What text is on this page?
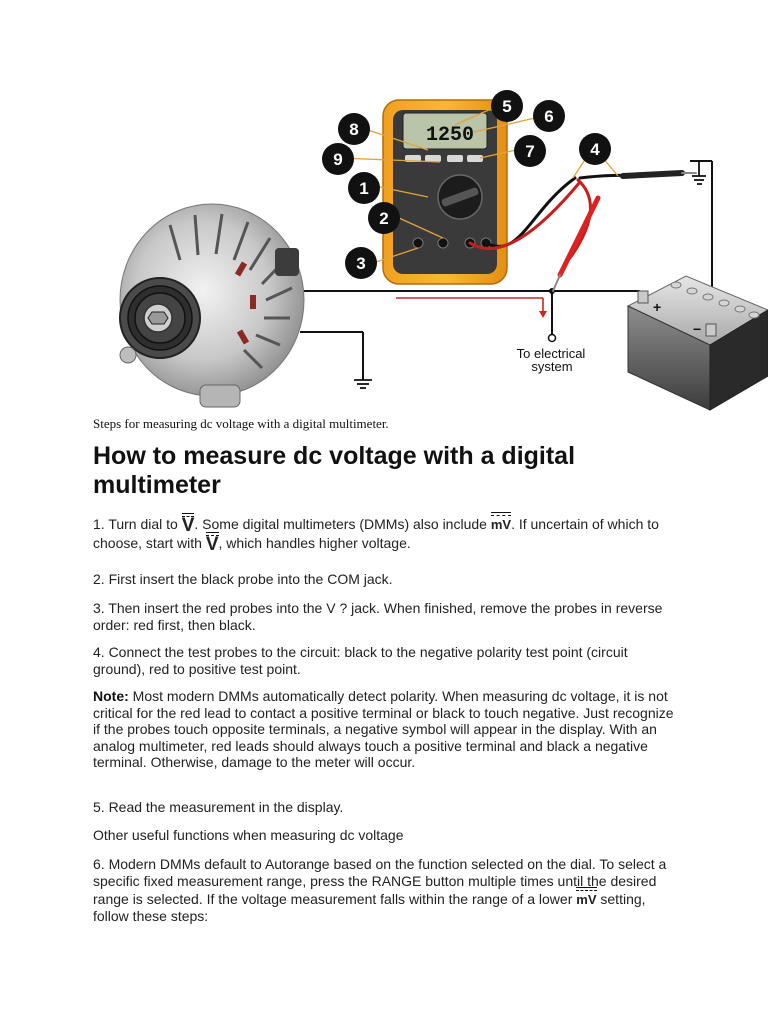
+
−
1250
1
2
3
4
5
6
7
8
9
To electrical
system
Steps for measuring dc voltage with a digital multimeter.
How to measure dc voltage with a digital multimeter

1. Turn dial to
V. Some digital multimeters (DMMs) also include
mV. If uncertain of which to choose, start with
V, which handles higher voltage.

2. First insert the black probe into the COM jack.

3. Then insert the red probes into the V ? jack. When finished, remove the probes in reverse order: red first, then black.

4. Connect the test probes to the circuit: black to the negative polarity test point (circuit ground), red to positive test point.

Note: Most modern DMMs automatically detect polarity. When measuring dc voltage, it is not critical for the red lead to contact a positive terminal or black to touch negative. Just recognize if the probes touch opposite terminals, a negative symbol will appear in the display. With an analog multimeter, red leads should always touch a positive terminal and black a negative terminal. Otherwise, damage to the meter will occur.

5. Read the measurement in the display.

Other useful functions when measuring dc voltage

6. Modern DMMs default to Autorange based on the function selected on the dial. To select a specific fixed measurement range, press the RANGE button multiple times until the desired range is selected. If the voltage measurement falls within the range of a lower
mV setting, follow these steps:
